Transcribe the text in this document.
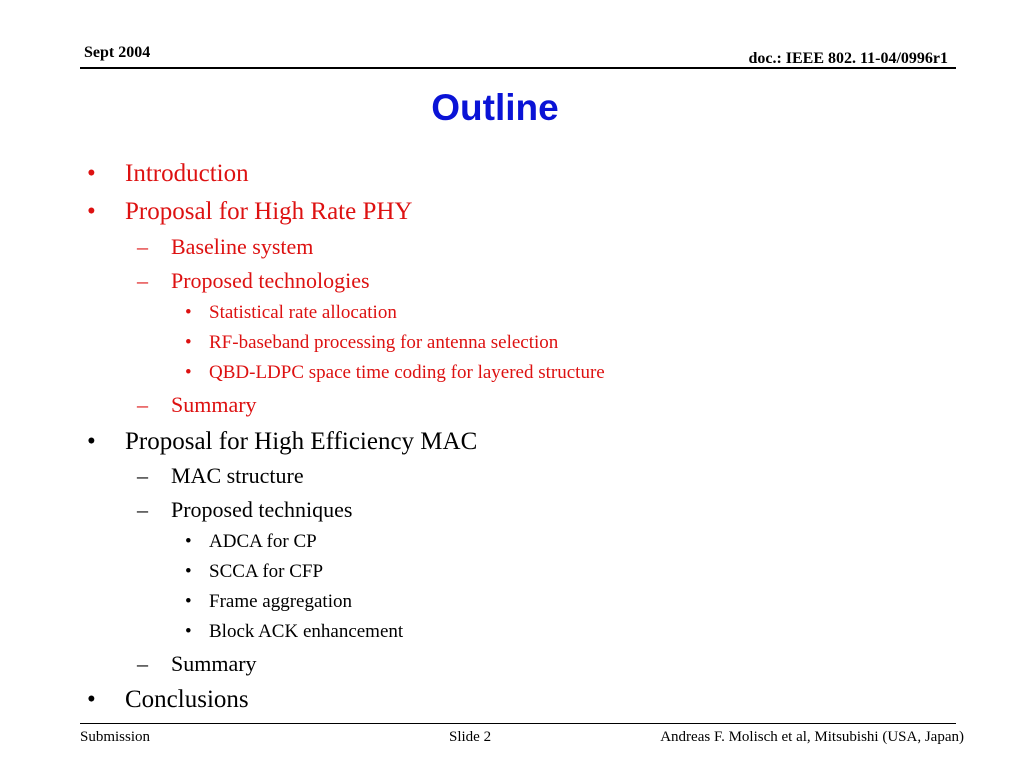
Sept 2004	doc.: IEEE 802. 11-04/0996r1
Outline
• Introduction
• Proposal for High Rate PHY
– Baseline system
– Proposed technologies
• Statistical rate allocation
• RF-baseband processing for antenna selection
• QBD-LDPC space time coding for layered structure
– Summary
• Proposal for High Efficiency MAC
– MAC structure
– Proposed techniques
• ADCA for CP
• SCCA for CFP
• Frame aggregation
• Block ACK enhancement
– Summary
• Conclusions
Submission	Slide 2	Andreas F. Molisch et al, Mitsubishi (USA, Japan)
